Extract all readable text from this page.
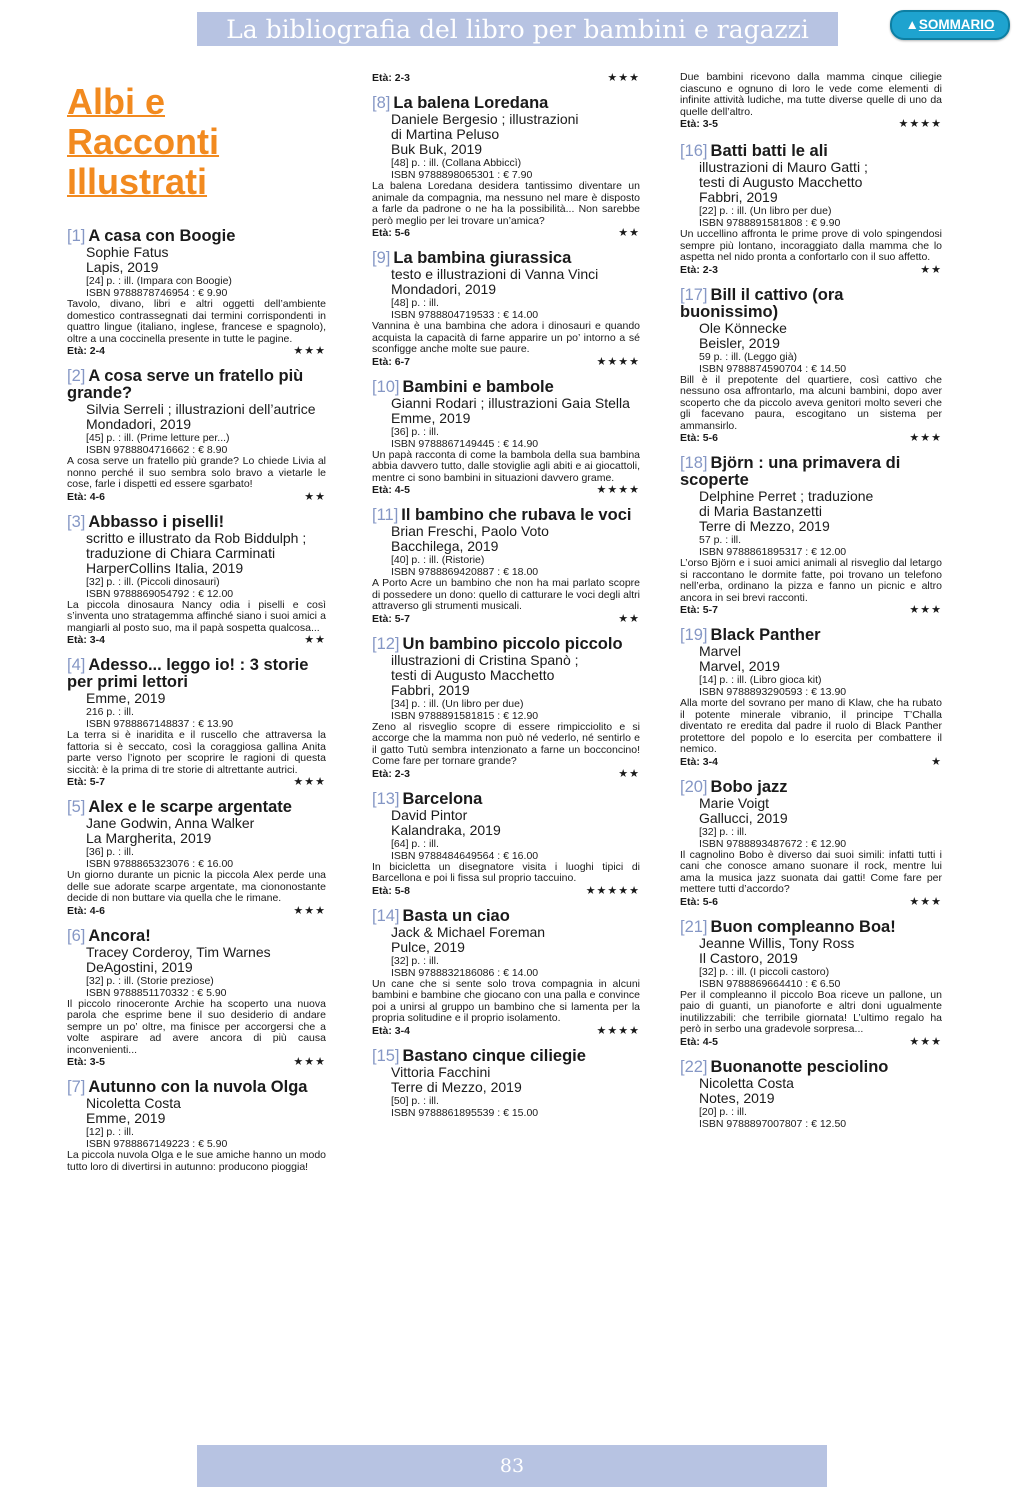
La bibliografia del libro per bambini e ragazzi	▲SOMMARIO
Albi e
Racconti
Illustrati
[1] A casa con Boogie
Sophie Fatus
Lapis, 2019
[24] p. : ill. (Impara con Boogie)
ISBN 9788878746954 : € 9.90
Tavolo, divano, libri e altri oggetti dell’ambiente domestico contrassegnati dai termini corrispondenti in quattro lingue (italiano, inglese, francese e spagnolo), oltre a una coccinella presente in tutte le pagine.
Età: 2-4	★★★
[2] A cosa serve un fratello più grande?
Silvia Serreli ; illustrazioni dell’autrice
Mondadori, 2019
[45] p. : ill. (Prime letture per...)
ISBN 9788804716662 : € 8.90
A cosa serve un fratello più grande? Lo chiede Livia al nonno perché il suo sembra solo bravo a vietarle le cose, farle i dispetti ed essere sgarbato!
Età: 4-6	★★
[3] Abbasso i piselli!
scritto e illustrato da Rob Biddulph ;
traduzione di Chiara Carminati
HarperCollins Italia, 2019
[32] p. : ill. (Piccoli dinosauri)
ISBN 9788869054792 : € 12.00
La piccola dinosaura Nancy odia i piselli e così s’inventa uno stratagemma affinché siano i suoi amici a mangiarli al posto suo, ma il papà sospetta qualcosa...
Età: 3-4	★★
[4] Adesso... leggo io! : 3 storie per primi lettori
Emme, 2019
216 p. : ill.
ISBN 9788867148837 : € 13.90
La terra si è inaridita e il ruscello che attraversa la fattoria si è seccato, così la coraggiosa gallina Anita parte verso l’ignoto per scoprire le ragioni di questa siccità: è la prima di tre storie di altrettante autrici.
Età: 5-7	★★★
[5] Alex e le scarpe argentate
Jane Godwin, Anna Walker
La Margherita, 2019
[36] p. : ill.
ISBN 9788865323076 : € 16.00
Un giorno durante un picnic la piccola Alex perde una delle sue adorate scarpe argentate, ma ciononostante decide di non buttare via quella che le rimane.
Età: 4-6	★★★
[6] Ancora!
Tracey Corderoy, Tim Warnes
DeAgostini, 2019
[32] p. : ill. (Storie preziose)
ISBN 9788851170332 : € 5.90
Il piccolo rinoceronte Archie ha scoperto una nuova parola che esprime bene il suo desiderio di andare sempre un po’ oltre, ma finisce per accorgersi che a volte aspirare ad avere ancora di più causa inconvenienti...
Età: 3-5	★★★
[7] Autunno con la nuvola Olga
Nicoletta Costa
Emme, 2019
[12] p. : ill.
ISBN 9788867149223 : € 5.90
La piccola nuvola Olga e le sue amiche hanno un modo tutto loro di divertirsi in autunno: producono pioggia!
Età: 2-3	★★★
[8] La balena Loredana
Daniele Bergesio ; illustrazioni
di Martina Peluso
Buk Buk, 2019
[48] p. : ill. (Collana Abbiccì)
ISBN 9788898065301 : € 7.90
La balena Loredana desidera tantissimo diventare un animale da compagnia, ma nessuno nel mare è disposto a farle da padrone o ne ha la possibilità... Non sarebbe però meglio per lei trovare un’amica?
Età: 5-6	★★
[9] La bambina giurassica
testo e illustrazioni di Vanna Vinci
Mondadori, 2019
[48] p. : ill.
ISBN 9788804719533 : € 14.00
Vannina è una bambina che adora i dinosauri e quando acquista la capacità di farne apparire un po’ intorno a sé sconfigge anche molte sue paure.
Età: 6-7	★★★★
[10] Bambini e bambole
Gianni Rodari ; illustrazioni Gaia Stella
Emme, 2019
[36] p. : ill.
ISBN 9788867149445 : € 14.90
Un papà racconta di come la bambola della sua bambina abbia davvero tutto, dalle stoviglie agli abiti e ai giocattoli, mentre ci sono bambini in situazioni davvero grame.
Età: 4-5	★★★★
[11] Il bambino che rubava le voci
Brian Freschi, Paolo Voto
Bacchilega, 2019
[40] p. : ill. (Ristorie)
ISBN 9788869420887 : € 18.00
A Porto Acre un bambino che non ha mai parlato scopre di possedere un dono: quello di catturare le voci degli altri attraverso gli strumenti musicali.
Età: 5-7	★★
[12] Un bambino piccolo piccolo
illustrazioni di Cristina Spanò ;
testi di Augusto Macchetto
Fabbri, 2019
[34] p. : ill. (Un libro per due)
ISBN 9788891581815 : € 12.90
Zeno al risveglio scopre di essere rimpicciolito e si accorge che la mamma non può né vederlo, né sentirlo e il gatto Tutù sembra intenzionato a farne un bocconcino! Come fare per tornare grande?
Età: 2-3	★★
[13] Barcelona
David Pintor
Kalandraka, 2019
[64] p. : ill.
ISBN 9788484649564 : € 16.00
In bicicletta un disegnatore visita i luoghi tipici di Barcellona e poi li fissa sul proprio taccuino.
Età: 5-8	★★★★★
[14] Basta un ciao
Jack & Michael Foreman
Pulce, 2019
[32] p. : ill.
ISBN 9788832186086 : € 14.00
Un cane che si sente solo trova compagnia in alcuni bambini e bambine che giocano con una palla e convince poi a unirsi al gruppo un bambino che si lamenta per la propria solitudine e il proprio isolamento.
Età: 3-4	★★★★
[15] Bastano cinque ciliegie
Vittoria Facchini
Terre di Mezzo, 2019
[50] p. : ill.
ISBN 9788861895539 : € 15.00
Due bambini ricevono dalla mamma cinque ciliegie ciascuno e ognuno di loro le vede come elementi di infinite attività ludiche, ma tutte diverse quelle di uno da quelle dell’altro.
Età: 3-5	★★★★
[16] Batti batti le ali
illustrazioni di Mauro Gatti ;
testi di Augusto Macchetto
Fabbri, 2019
[22] p. : ill. (Un libro per due)
ISBN 9788891581808 : € 9.90
Un uccellino affronta le prime prove di volo spingendosi sempre più lontano, incoraggiato dalla mamma che lo aspetta nel nido pronta a confortarlo con il suo affetto.
Età: 2-3	★★
[17] Bill il cattivo (ora buonissimo)
Ole Könnecke
Beisler, 2019
59 p. : ill. (Leggo già)
ISBN 9788874590704 : € 14.50
Bill è il prepotente del quartiere, così cattivo che nessuno osa affrontarlo, ma alcuni bambini, dopo aver scoperto che da piccolo aveva genitori molto severi che gli facevano paura, escogitano un sistema per ammansirlo.
Età: 5-6	★★★
[18] Björn : una primavera di scoperte
Delphine Perret ; traduzione
di Maria Bastanzetti
Terre di Mezzo, 2019
57 p. : ill.
ISBN 9788861895317 : € 12.00
L’orso Björn e i suoi amici animali al risveglio dal letargo si raccontano le dormite fatte, poi trovano un telefono nell’erba, ordinano la pizza e fanno un picnic e altro ancora in sei brevi racconti.
Età: 5-7	★★★
[19] Black Panther
Marvel
Marvel, 2019
[14] p. : ill. (Libro gioca kit)
ISBN 9788893290593 : € 13.90
Alla morte del sovrano per mano di Klaw, che ha rubato il potente minerale vibranio, il principe T’Challa diventato re eredita dal padre il ruolo di Black Panther protettore del popolo e lo esercita per combattere il nemico.
Età: 3-4	★
[20] Bobo jazz
Marie Voigt
Gallucci, 2019
[32] p. : ill.
ISBN 9788893487672 : € 12.90
Il cagnolino Bobo è diverso dai suoi simili: infatti tutti i cani che conosce amano suonare il rock, mentre lui ama la musica jazz suonata dai gatti! Come fare per mettere tutti d’accordo?
Età: 5-6	★★★
[21] Buon compleanno Boa!
Jeanne Willis, Tony Ross
Il Castoro, 2019
[32] p. : ill. (I piccoli castoro)
ISBN 9788869664410 : € 6.50
Per il compleanno il piccolo Boa riceve un pallone, un paio di guanti, un pianoforte e altri doni ugualmente inutilizzabili: che terribile giornata! L’ultimo regalo ha però in serbo una gradevole sorpresa...
Età: 4-5	★★★
[22] Buonanotte pesciolino
Nicoletta Costa
Notes, 2019
[20] p. : ill.
ISBN 9788897007807 : € 12.50
83
